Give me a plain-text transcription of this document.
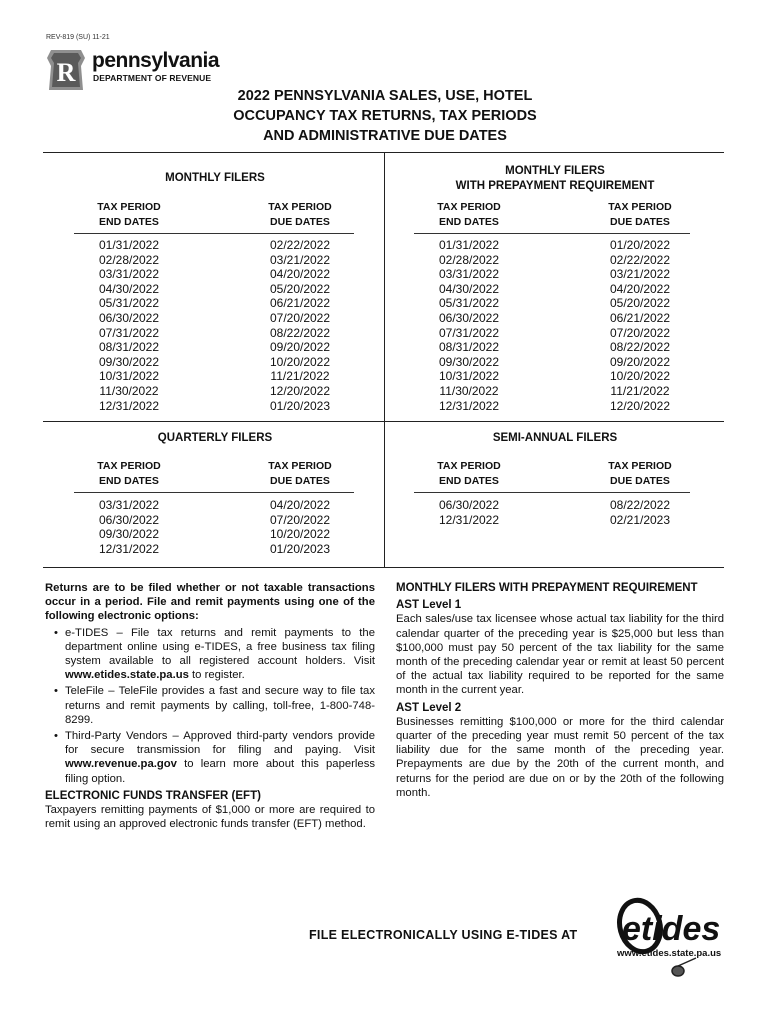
REV-819 (SU) 11-21
R pennsylvania
DEPARTMENT OF REVENUE
2022 PENNSYLVANIA SALES, USE, HOTEL
OCCUPANCY TAX RETURNS, TAX PERIODS
AND ADMINISTRATIVE DUE DATES
MONTHLY FILERS
TAX PERIOD
END DATES
TAX PERIOD
DUE DATES
01/31/2022
02/28/2022
03/31/2022
04/30/2022
05/31/2022
06/30/2022
07/31/2022
08/31/2022
09/30/2022
10/31/2022
11/30/2022
12/31/2022
02/22/2022
03/21/2022
04/20/2022
05/20/2022
06/21/2022
07/20/2022
08/22/2022
09/20/2022
10/20/2022
11/21/2022
12/20/2022
01/20/2023
MONTHLY FILERS
WITH PREPAYMENT REQUIREMENT
TAX PERIOD
END DATES
TAX PERIOD
DUE DATES
01/31/2022
02/28/2022
03/31/2022
04/30/2022
05/31/2022
06/30/2022
07/31/2022
08/31/2022
09/30/2022
10/31/2022
11/30/2022
12/31/2022
01/20/2022
02/22/2022
03/21/2022
04/20/2022
05/20/2022
06/21/2022
07/20/2022
08/22/2022
09/20/2022
10/20/2022
11/21/2022
12/20/2022
QUARTERLY FILERS
TAX PERIOD
END DATES
TAX PERIOD
DUE DATES
03/31/2022
06/30/2022
09/30/2022
12/31/2022
04/20/2022
07/20/2022
10/20/2022
01/20/2023
SEMI-ANNUAL FILERS
TAX PERIOD
END DATES
TAX PERIOD
DUE DATES
06/30/2022
12/31/2022
08/22/2022
02/21/2023
Returns are to be filed whether or not taxable transactions occur in a period. File and remit payments using one of the following electronic options:
• e-TIDES – File tax returns and remit payments to the department online using e-TIDES, a free business tax filing system available to all registered account holders. Visit www.etides.state.pa.us to register.
• TeleFile – TeleFile provides a fast and secure way to file tax returns and remit payments by calling, toll-free, 1-800-748-8299.
• Third-Party Vendors – Approved third-party vendors provide for secure transmission for filing and paying. Visit www.revenue.pa.gov to learn more about this paperless filing option.
ELECTRONIC FUNDS TRANSFER (EFT)
Taxpayers remitting payments of $1,000 or more are required to remit using an approved electronic funds transfer (EFT) method.
MONTHLY FILERS WITH PREPAYMENT REQUIREMENT
AST Level 1
Each sales/use tax licensee whose actual tax liability for the third calendar quarter of the preceding year is $25,000 but less than $100,000 must pay 50 percent of the tax liability for the same month of the preceding calendar year or remit at least 50 percent of the actual tax liability required to be reported for the same month in the current year.
AST Level 2
Businesses remitting $100,000 or more for the third calendar quarter of the preceding year must remit 50 percent of the tax liability due for the same month of the preceding year. Prepayments are due by the 20th of the current month, and returns for the period are due on or by the 20th of the following month.
FILE ELECTRONICALLY USING E-TIDES AT etides
www.etides.state.pa.us
